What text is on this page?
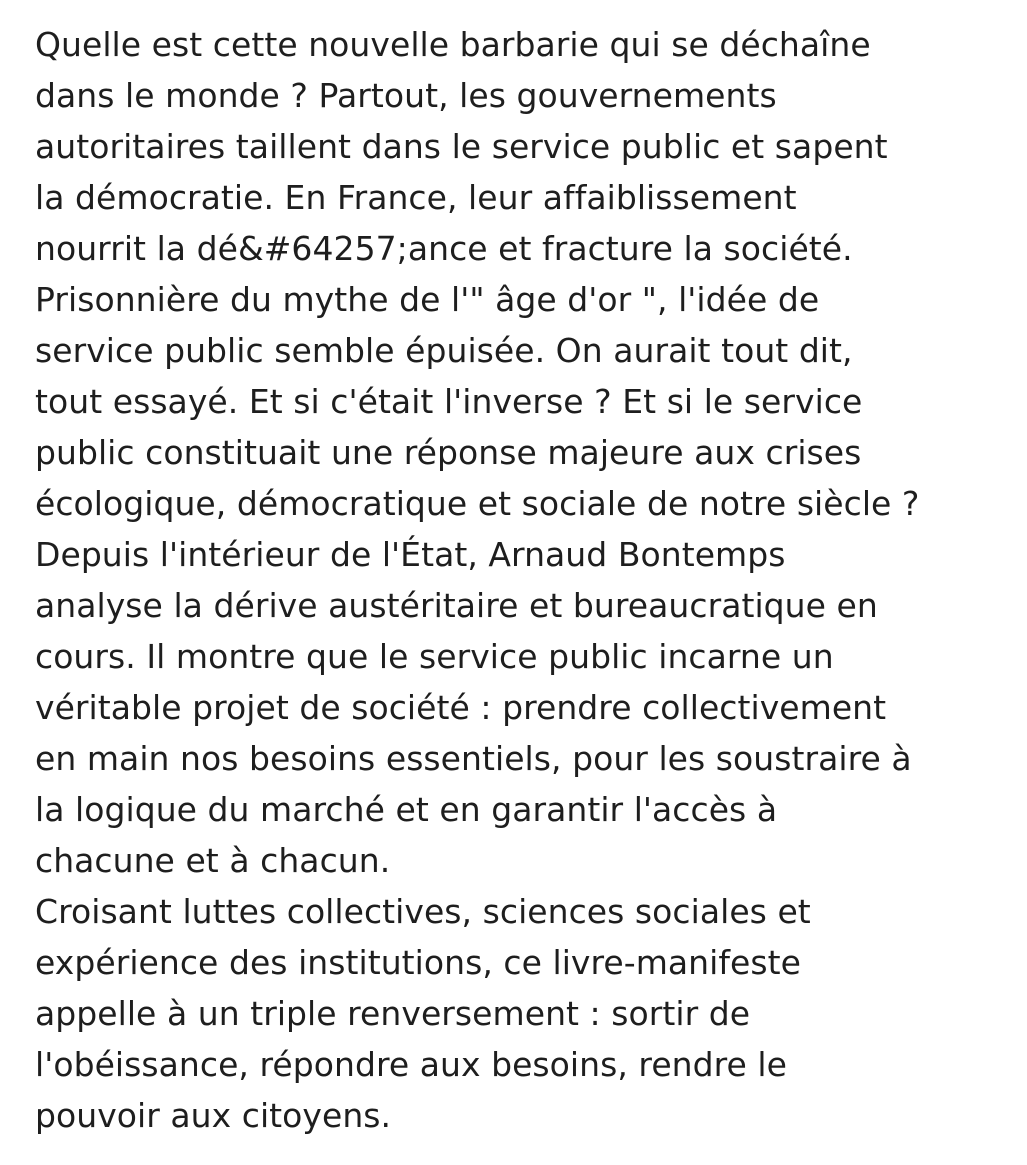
Quelle est cette nouvelle barbarie qui se déchaîne
dans le monde ? Partout, les gouvernements
autoritaires taillent dans le service public et sapent
la démocratie. En France, leur affaiblissement
nourrit la dé&#64257;ance et fracture la société.
Prisonnière du mythe de l'" âge d'or ", l'idée de
service public semble épuisée. On aurait tout dit,
tout essayé. Et si c'était l'inverse ? Et si le service
public constituait une réponse majeure aux crises
écologique, démocratique et sociale de notre siècle ?
Depuis l'intérieur de l'État, Arnaud Bontemps
analyse la dérive austéritaire et bureaucratique en
cours. Il montre que le service public incarne un
véritable projet de société : prendre collectivement
en main nos besoins essentiels, pour les soustraire à
la logique du marché et en garantir l'accès à
chacune et à chacun.
Croisant luttes collectives, sciences sociales et
expérience des institutions, ce livre-manifeste
appelle à un triple renversement : sortir de
l'obéissance, répondre aux besoins, rendre le
pouvoir aux citoyens.
